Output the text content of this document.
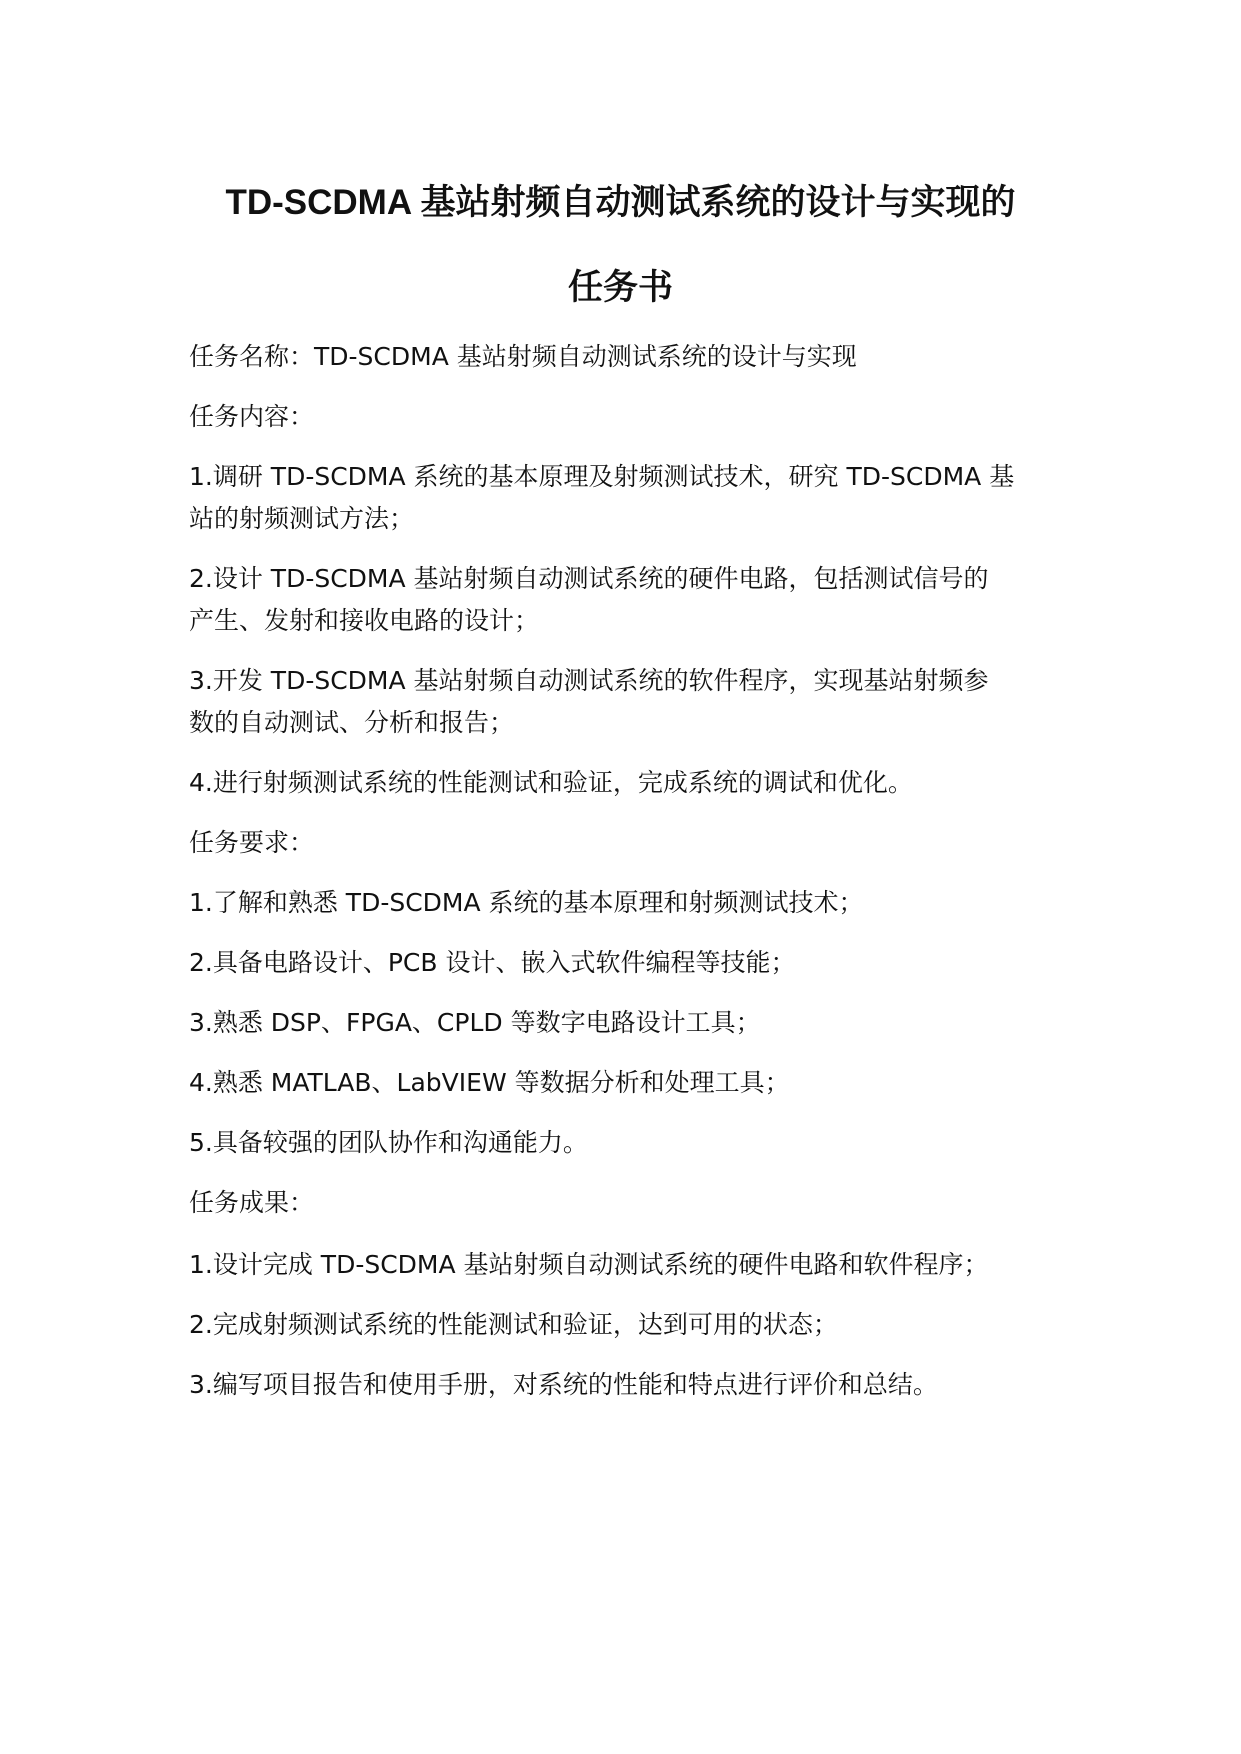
TD-SCDMA 基站射频自动测试系统的设计与实现的
任务书

任务名称：TD-SCDMA 基站射频自动测试系统的设计与实现

任务内容：

1.调研 TD-SCDMA 系统的基本原理及射频测试技术，研究 TD-SCDMA 基

站的射频测试方法；

2.设计 TD-SCDMA 基站射频自动测试系统的硬件电路，包括测试信号的

产生、发射和接收电路的设计；

3.开发 TD-SCDMA 基站射频自动测试系统的软件程序，实现基站射频参

数的自动测试、分析和报告；

4.进行射频测试系统的性能测试和验证，完成系统的调试和优化。

任务要求：

1.了解和熟悉 TD-SCDMA 系统的基本原理和射频测试技术；

2.具备电路设计、PCB 设计、嵌入式软件编程等技能；

3.熟悉 DSP、FPGA、CPLD 等数字电路设计工具；

4.熟悉 MATLAB、LabVIEW 等数据分析和处理工具；

5.具备较强的团队协作和沟通能力。

任务成果：

1.设计完成 TD-SCDMA 基站射频自动测试系统的硬件电路和软件程序；

2.完成射频测试系统的性能测试和验证，达到可用的状态；

3.编写项目报告和使用手册，对系统的性能和特点进行评价和总结。
